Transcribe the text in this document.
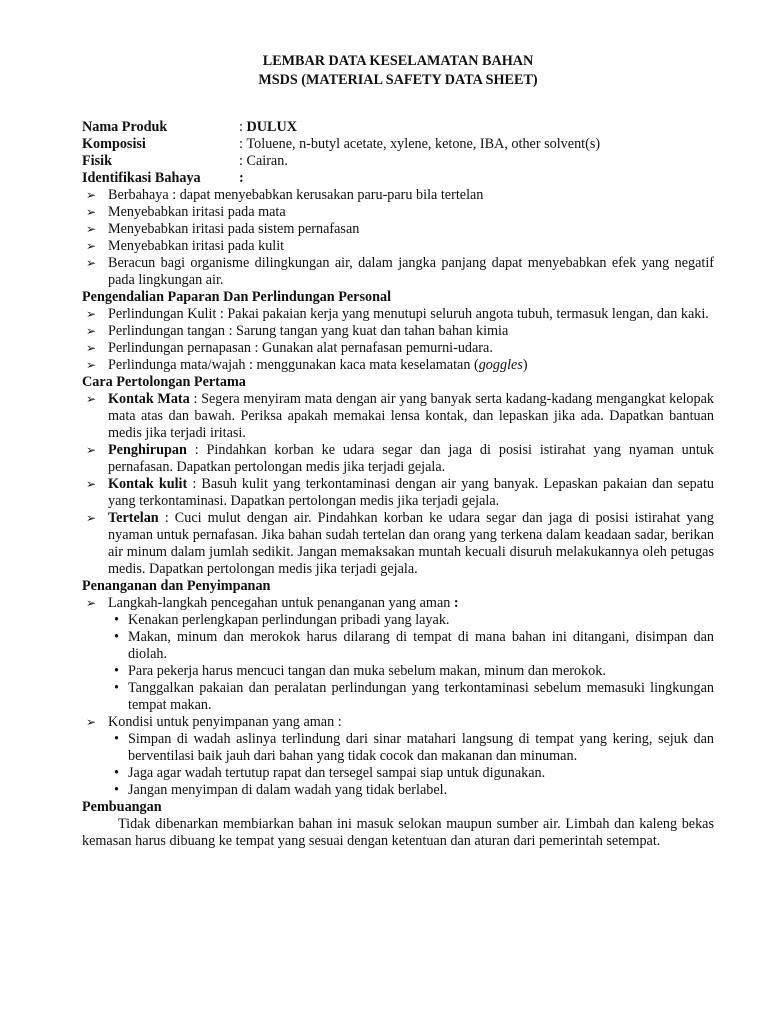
LEMBAR DATA KESELAMATAN BAHAN
MSDS (MATERIAL SAFETY DATA SHEET)
Nama Produk	: DULUX
Komposisi	: Toluene, n-butyl acetate, xylene, ketone, IBA, other solvent(s)
Fisik	: Cairan.
Identifikasi Bahaya	:
➢ Berbahaya : dapat menyebabkan kerusakan paru-paru bila tertelan
➢ Menyebabkan iritasi pada mata
➢ Menyebabkan iritasi pada sistem pernafasan
➢ Menyebabkan iritasi pada kulit
➢ Beracun bagi organisme dilingkungan air, dalam jangka panjang dapat menyebabkan efek yang negatif pada lingkungan air.
Pengendalian Paparan Dan Perlindungan Personal
➢ Perlindungan Kulit : Pakai pakaian kerja yang menutupi seluruh angota tubuh, termasuk lengan, dan kaki.
➢ Perlindungan tangan : Sarung tangan yang kuat dan tahan bahan kimia
➢ Perlindungan pernapasan : Gunakan alat pernafasan pemurni-udara.
➢ Perlindunga mata/wajah : menggunakan kaca mata keselamatan (goggles)
Cara Pertolongan Pertama
➢ Kontak Mata : Segera menyiram mata dengan air yang banyak serta kadang-kadang mengangkat kelopak mata atas dan bawah. Periksa apakah memakai lensa kontak, dan lepaskan jika ada. Dapatkan bantuan medis jika terjadi iritasi.
➢ Penghirupan : Pindahkan korban ke udara segar dan jaga di posisi istirahat yang nyaman untuk pernafasan. Dapatkan pertolongan medis jika terjadi gejala.
➢ Kontak kulit : Basuh kulit yang terkontaminasi dengan air yang banyak. Lepaskan pakaian dan sepatu yang terkontaminasi. Dapatkan pertolongan medis jika terjadi gejala.
➢ Tertelan : Cuci mulut dengan air. Pindahkan korban ke udara segar dan jaga di posisi istirahat yang nyaman untuk pernafasan. Jika bahan sudah tertelan dan orang yang terkena dalam keadaan sadar, berikan air minum dalam jumlah sedikit. Jangan memaksakan muntah kecuali disuruh melakukannya oleh petugas medis. Dapatkan pertolongan medis jika terjadi gejala.
Penanganan dan Penyimpanan
➢ Langkah-langkah pencegahan untuk penanganan yang aman :
• Kenakan perlengkapan perlindungan pribadi yang layak.
• Makan, minum dan merokok harus dilarang di tempat di mana bahan ini ditangani, disimpan dan diolah.
• Para pekerja harus mencuci tangan dan muka sebelum makan, minum dan merokok.
• Tanggalkan pakaian dan peralatan perlindungan yang terkontaminasi sebelum memasuki lingkungan tempat makan.
➢ Kondisi untuk penyimpanan yang aman :
• Simpan di wadah aslinya terlindung dari sinar matahari langsung di tempat yang kering, sejuk dan berventilasi baik jauh dari bahan yang tidak cocok dan makanan dan minuman.
• Jaga agar wadah tertutup rapat dan tersegel sampai siap untuk digunakan.
• Jangan menyimpan di dalam wadah yang tidak berlabel.
Pembuangan
Tidak dibenarkan membiarkan bahan ini masuk selokan maupun sumber air. Limbah dan kaleng bekas kemasan harus dibuang ke tempat yang sesuai dengan ketentuan dan aturan dari pemerintah setempat.
